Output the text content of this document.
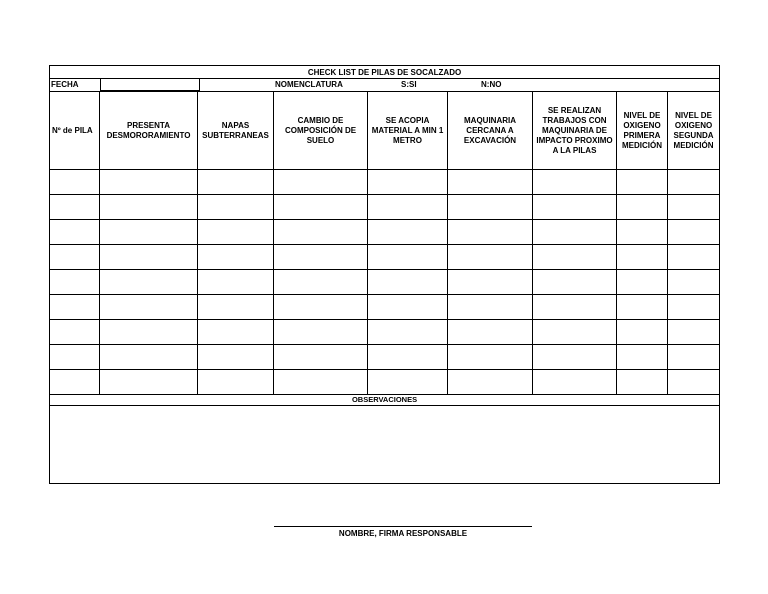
CHECK LIST DE PILAS DE SOCALZADO								

FECHA NOMENCLATURA S:SI N:NO								

Nº de PILA	PRESENTA DESMORORAMIENTO	NAPAS SUBTERRANEAS	CAMBIO DE COMPOSICIÓN DE SUELO	SE ACOPIA MATERIAL A MIN 1 METRO	MAQUINARIA CERCANA A EXCAVACIÓN	SE REALIZAN TRABAJOS CON MAQUINARIA DE IMPACTO PROXIMO A LA PILAS	NIVEL DE OXIGENO PRIMERA MEDICIÓN	NIVEL DE OXIGENO SEGUNDA MEDICIÓN

OBSERVACIONES								

NOMBRE, FIRMA RESPONSABLE
